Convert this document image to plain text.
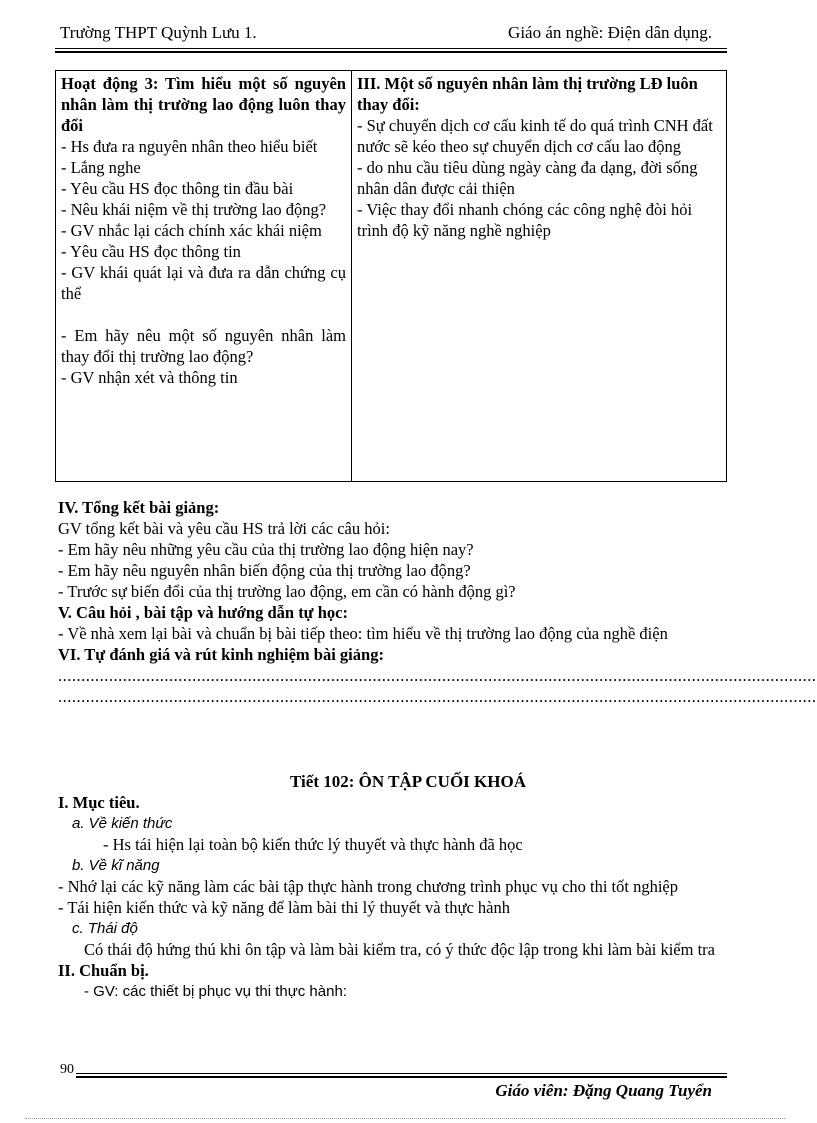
Trường THPT Quỳnh Lưu 1.	Giáo án nghề: Điện dân dụng.
Hoạt động 3: Tìm hiểu một số nguyên nhân làm thị trường lao động luôn thay đổi
- Hs đưa ra nguyên nhân theo hiểu biết
- Lắng nghe
- Yêu cầu HS đọc thông tin đầu bài
- Nêu khái niệm về thị trường lao động?
- GV nhắc lại cách chính xác khái niệm
- Yêu cầu HS đọc thông tin
- GV khái quát lại và đưa ra dẫn chứng cụ thể
- Em hãy nêu một số nguyên nhân làm thay đổi thị trường lao động?
- GV nhận xét và thông tin

III. Một số nguyên nhân làm thị trường LĐ luôn thay đổi:
- Sự chuyển dịch cơ cấu kinh tế do quá trình CNH đất nước sẽ kéo theo sự chuyển dịch cơ cấu lao động
- do nhu cầu tiêu dùng ngày càng đa dạng, đời sống nhân dân được cải thiện
- Việc thay đổi nhanh chóng các công nghệ đòi hỏi trình độ kỹ năng nghề nghiệp
IV. Tổng kết bài giảng:
GV tổng kết bài và yêu cầu HS trả lời các câu hỏi:
- Em hãy nêu những yêu cầu của thị trường lao động hiện nay?
- Em hãy nêu nguyên nhân biến động của thị trường lao động?
- Trước sự biến đổi của thị trường lao động, em cần có hành động gì?
V. Câu hỏi , bài tập và hướng dẫn tự học:
- Về nhà xem lại bài và chuẩn bị bài tiếp theo: tìm hiểu về thị trường lao động của nghề điện
VI. Tự đánh giá và rút kinh nghiệm bài giảng:
....................................................................................................................................................................
....................................................................................................................................................................
Tiết 102: ÔN TẬP CUỐI KHOÁ
I. Mục tiêu.
a. Về kiến thức
- Hs tái hiện lại toàn bộ kiến thức lý thuyết và thực hành đã học
b. Về kĩ năng
- Nhớ lại các kỹ năng làm các bài tập thực hành trong chương trình phục vụ cho thi tốt nghiệp
- Tái hiện kiến thức và kỹ năng để làm bài thi lý thuyết và thực hành
c. Thái độ
Có thái độ hứng thú khi ôn tập và làm bài kiểm tra, có ý thức độc lập trong khi làm bài kiểm tra
II. Chuẩn bị.
- GV: các thiết bị phục vụ thi thực hành:
90
Giáo viên: Đặng Quang Tuyển
